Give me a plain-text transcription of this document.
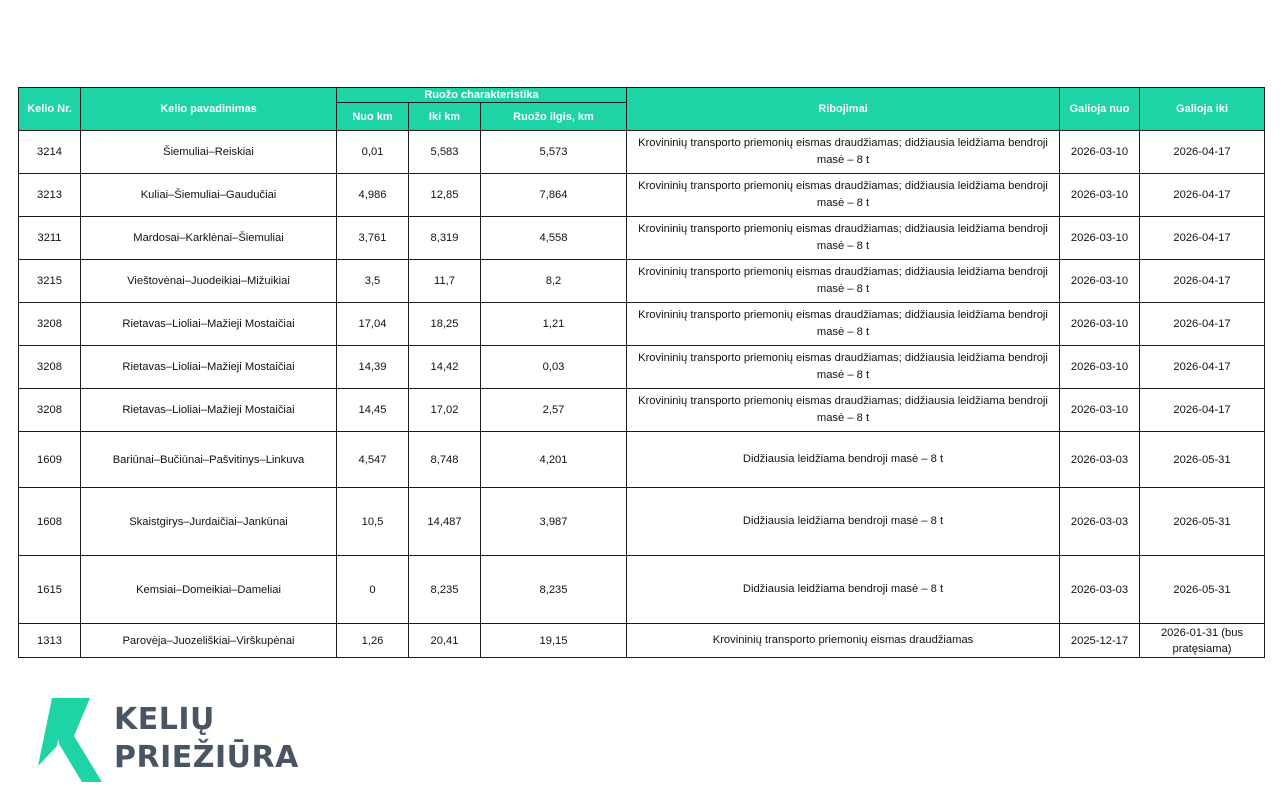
Kelio Nr.	Kelio pavadinimas	Ruožo charakteristika			Ribojimai	Galioja nuo	Galioja iki
		Nuo km	Iki km	Ruožo ilgis, km			
3214	Šiemuliai–Reiskiai	0,01	5,583	5,573	Krovininių transporto priemonių eismas draudžiamas; didžiausia leidžiama bendroji masė – 8 t	2026-03-10	2026-04-17
3213	Kuliai–Šiemuliai–Gaudučiai	4,986	12,85	7,864	Krovininių transporto priemonių eismas draudžiamas; didžiausia leidžiama bendroji masė – 8 t	2026-03-10	2026-04-17
3211	Mardosai–Karklėnai–Šiemuliai	3,761	8,319	4,558	Krovininių transporto priemonių eismas draudžiamas; didžiausia leidžiama bendroji masė – 8 t	2026-03-10	2026-04-17
3215	Vieštovėnai–Juodeikiai–Mižuikiai	3,5	11,7	8,2	Krovininių transporto priemonių eismas draudžiamas; didžiausia leidžiama bendroji masė – 8 t	2026-03-10	2026-04-17
3208	Rietavas–Lioliai–Mažieji Mostaičiai	17,04	18,25	1,21	Krovininių transporto priemonių eismas draudžiamas; didžiausia leidžiama bendroji masė – 8 t	2026-03-10	2026-04-17
3208	Rietavas–Lioliai–Mažieji Mostaičiai	14,39	14,42	0,03	Krovininių transporto priemonių eismas draudžiamas; didžiausia leidžiama bendroji masė – 8 t	2026-03-10	2026-04-17
3208	Rietavas–Lioliai–Mažieji Mostaičiai	14,45	17,02	2,57	Krovininių transporto priemonių eismas draudžiamas; didžiausia leidžiama bendroji masė – 8 t	2026-03-10	2026-04-17
1609	Bariūnai–Bučiūnai–Pašvitinys–Linkuva	4,547	8,748	4,201	Didžiausia leidžiama bendroji masė – 8 t	2026-03-03	2026-05-31
1608	Skaistgirys–Jurdaičiai–Jankūnai	10,5	14,487	3,987	Didžiausia leidžiama bendroji masė – 8 t	2026-03-03	2026-05-31
1615	Kemsiai–Domeikiai–Dameliai	0	8,235	8,235	Didžiausia leidžiama bendroji masė – 8 t	2026-03-03	2026-05-31
1313	Parovėja–Juozeliškiai–Virškupėnai	1,26	20,41	19,15	Krovininių transporto priemonių eismas draudžiamas	2025-12-17	2026-01-31 (bus pratęsiama)
KELIŲ
PRIEŽIŪRA
